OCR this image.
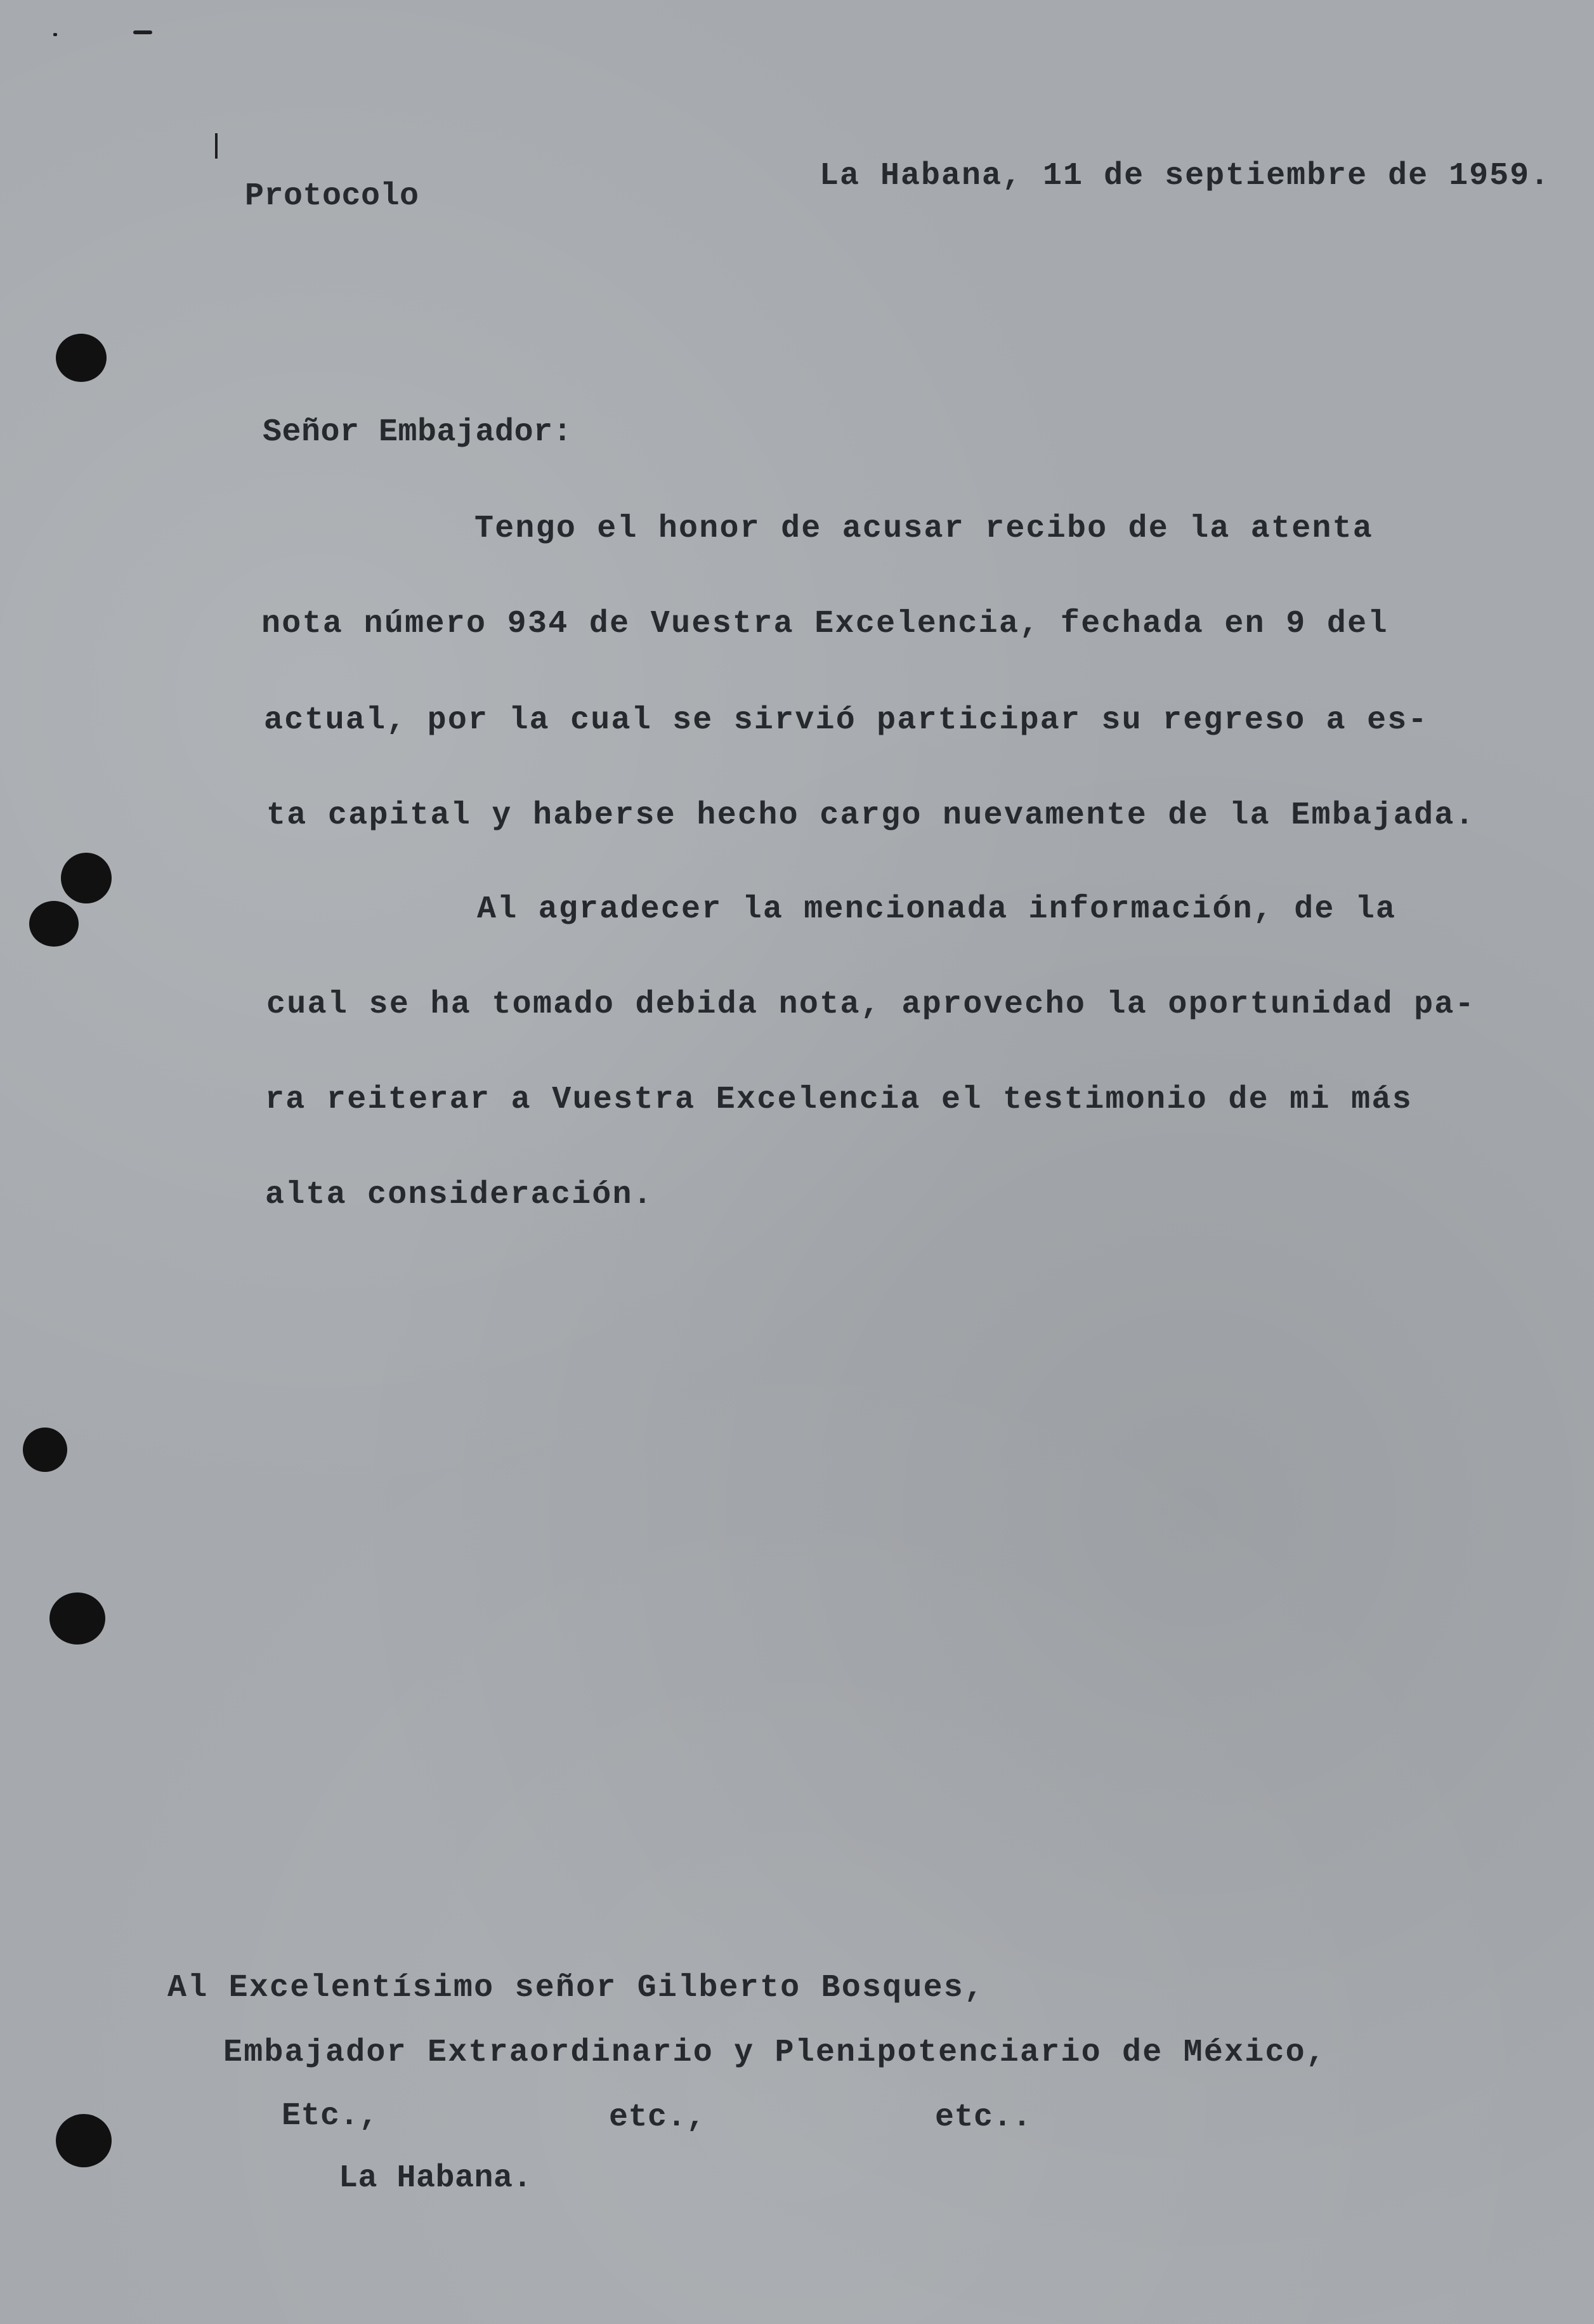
Protocolo
La Habana, 11 de septiembre de 1959.
Señor Embajador:
Tengo el honor de acusar recibo de la atenta
nota número 934 de Vuestra Excelencia, fechada en 9 del
actual, por la cual se sirvió participar su regreso a es-
ta capital y haberse hecho cargo nuevamente de la Embajada.
Al agradecer la mencionada información, de la
cual se ha tomado debida nota, aprovecho la oportunidad pa-
ra reiterar a Vuestra Excelencia el testimonio de mi más
alta consideración.
Al Excelentísimo señor Gilberto Bosques,
Embajador Extraordinario y Plenipotenciario de México,
Etc.,	etc.,	etc..
La Habana.
